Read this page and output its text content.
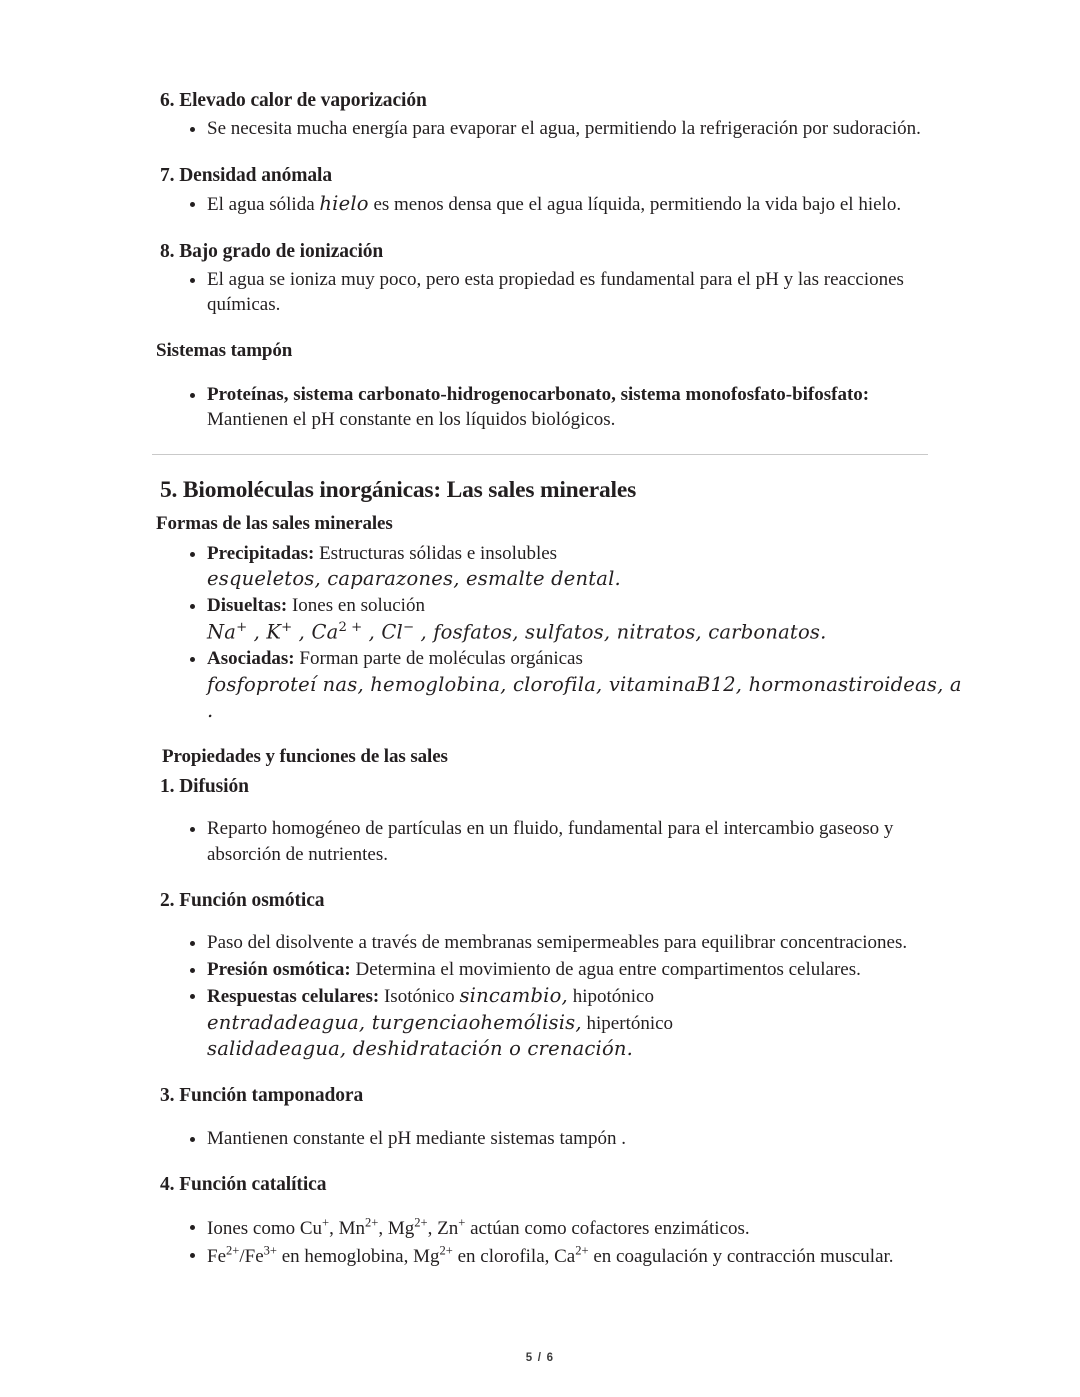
6. Elevado calor de vaporización
Se necesita mucha energía para evaporar el agua, permitiendo la refrigeración por sudoración.
7. Densidad anómala
El agua sólida hielo es menos densa que el agua líquida, permitiendo la vida bajo el hielo.
8. Bajo grado de ionización
El agua se ioniza muy poco, pero esta propiedad es fundamental para el pH y las reacciones químicas.
Sistemas tampón
Proteínas, sistema carbonato-hidrogenocarbonato, sistema monofosfato-bifosfato: Mantienen el pH constante en los líquidos biológicos.
5. Biomoléculas inorgánicas: Las sales minerales
Formas de las sales minerales
Precipitadas: Estructuras sólidas e insolubles
esqueletos, caparazones, esmalte dental.
Disueltas: Iones en solución
Na+ , K+ , $Ca^{2 +}$ , Cl− , fosfatos, sulfatos, nitratos, carbonatos.
Asociadas: Forman parte de moléculas orgánicas
fosfoproteí nas, hemoglobina, clorofila, vitaminaB12, hormonastiroideas, a
.
Propiedades y funciones de las sales
1. Difusión
Reparto homogéneo de partículas en un fluido, fundamental para el intercambio gaseoso y absorción de nutrientes.
2. Función osmótica
Paso del disolvente a través de membranas semipermeables para equilibrar concentraciones.
Presión osmótica: Determina el movimiento de agua entre compartimentos celulares.
Respuestas celulares: Isotónico sincambio, hipotónico
entradadeagua, turgenciaohemólisis, hipertónico
salidadeagua, deshidratación o crenación.
3. Función tamponadora
Mantienen constante el pH mediante sistemas tampón .
4. Función catalítica
Iones como Cu+, $Mn^{2+}$, $Mg^{2+}$, Zn+ actúan como cofactores enzimáticos.
$Fe^{2+}/Fe^{3+}$ en hemoglobina, $Mg^{2+}$ en clorofila, $Ca^{2+}$ en coagulación y contracción muscular.
5 / 6
